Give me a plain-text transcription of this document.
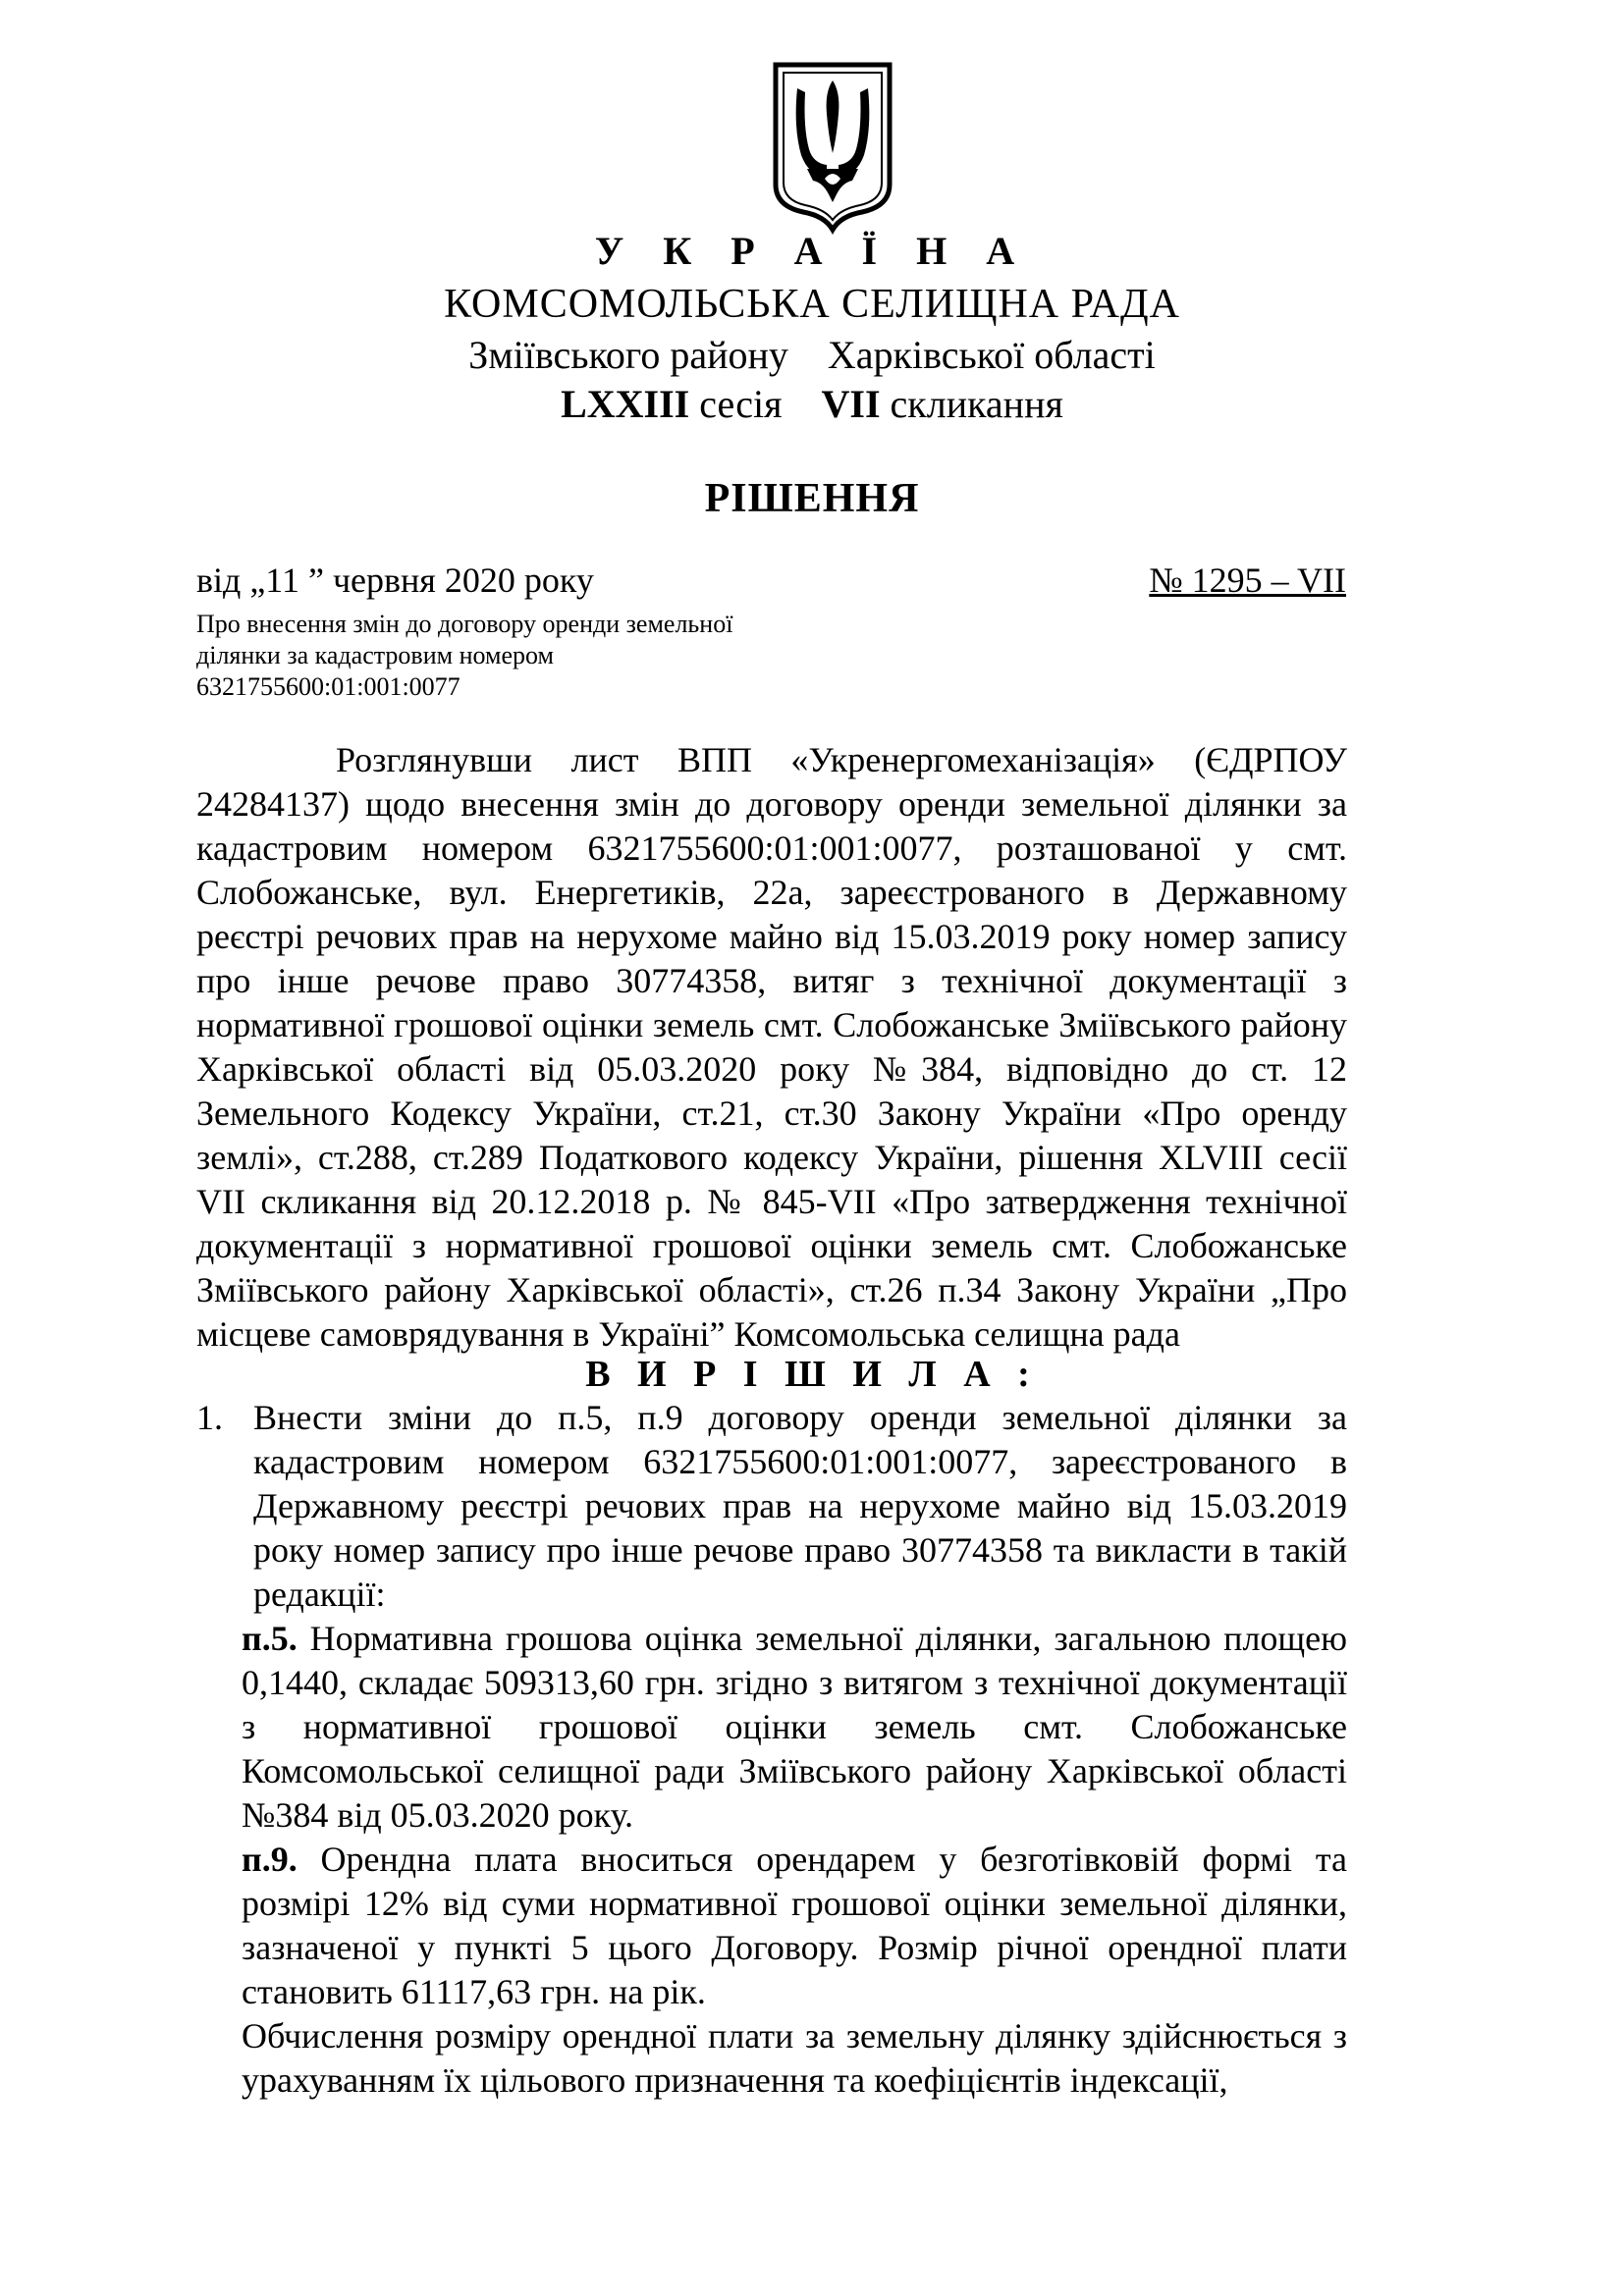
У К Р А Ї Н А
КОМСОМОЛЬСЬКА СЕЛИЩНА РАДА
Зміївського району Харківської області
LXXIII сесія VII скликання
РІШЕННЯ
від „11 ” червня 2020 року	№ 1295 – VII
Про внесення змін до договору оренди земельної ділянки за кадастровим номером 6321755600:01:001:0077
Розглянувши лист ВПП «Укренергомеханізація» (ЄДРПОУ 24284137) щодо внесення змін до договору оренди земельної ділянки за кадастровим номером 6321755600:01:001:0077, розташованої у смт. Слобожанське, вул. Енергетиків, 22а, зареєстрованого в Державному реєстрі речових прав на нерухоме майно від 15.03.2019 року номер запису про інше речове право 30774358, витяг з технічної документації з нормативної грошової оцінки земель смт. Слобожанське Зміївського району Харківської області від 05.03.2020 року №384, відповідно до ст. 12 Земельного Кодексу України, ст.21, ст.30 Закону України «Про оренду землі», ст.288, ст.289 Податкового кодексу України, рішення XLVIII сесії VII скликання від 20.12.2018 р. № 845-VII «Про затвердження технічної документації з нормативної грошової оцінки земель смт. Слобожанське Зміївського району Харківської області», ст.26 п.34 Закону України „Про місцеве самоврядування в Україні” Комсомольська селищна рада
В И Р І Ш И Л А :
1. Внести зміни до п.5, п.9 договору оренди земельної ділянки за кадастровим номером 6321755600:01:001:0077, зареєстрованого в Державному реєстрі речових прав на нерухоме майно від 15.03.2019 року номер запису про інше речове право 30774358 та викласти в такій редакції:
п.5. Нормативна грошова оцінка земельної ділянки, загальною площею 0,1440, складає 509313,60 грн. згідно з витягом з технічної документації з нормативної грошової оцінки земель смт. Слобожанське Комсомольської селищної ради Зміївського району Харківської області №384 від 05.03.2020 року.
п.9. Орендна плата вноситься орендарем у безготівковій формі та розмірі 12% від суми нормативної грошової оцінки земельної ділянки, зазначеної у пункті 5 цього Договору. Розмір річної орендної плати становить 61117,63 грн. на рік.
Обчислення розміру орендної плати за земельну ділянку здійснюється з урахуванням їх цільового призначення та коефіцієнтів індексації,
